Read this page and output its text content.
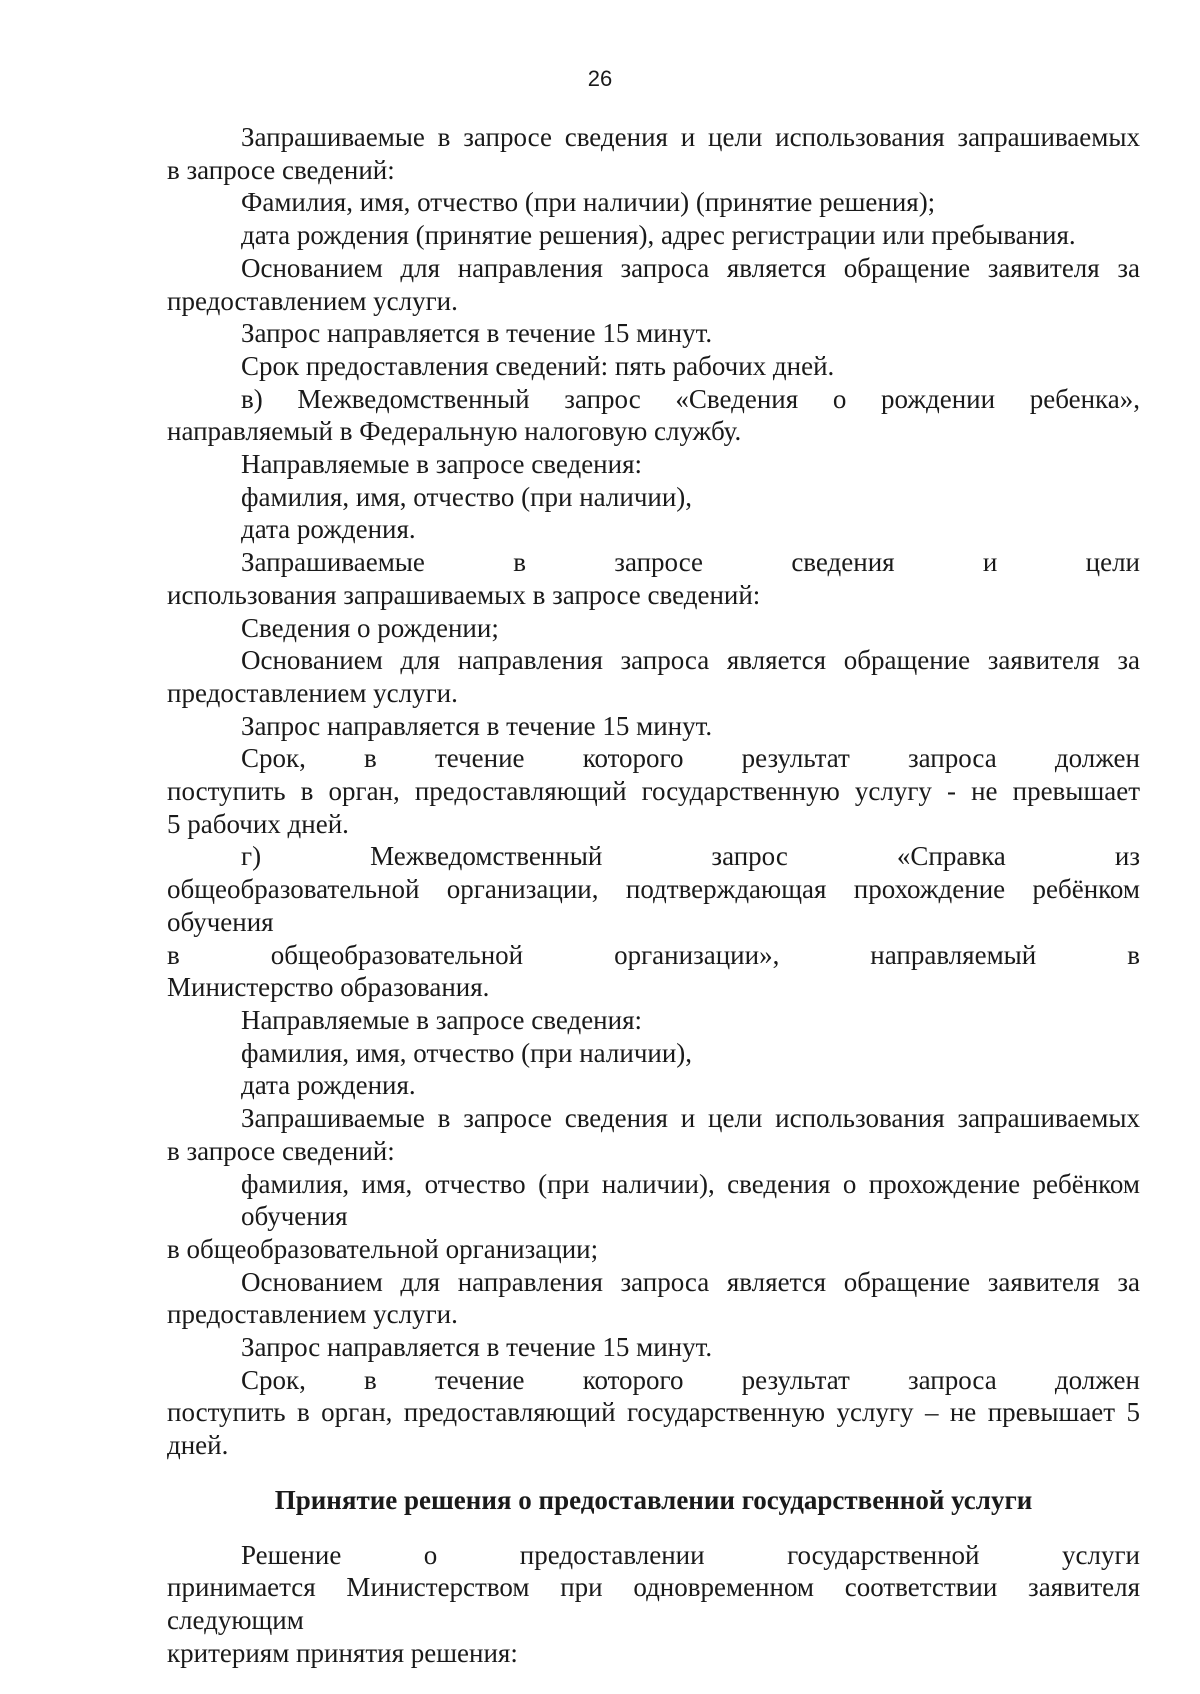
26
Запрашиваемые в запросе сведения и цели использования запрашиваемых
в запросе сведений:
Фамилия, имя, отчество (при наличии) (принятие решения);
дата рождения (принятие решения), адрес регистрации или пребывания.
Основанием для направления запроса является обращение заявителя за
предоставлением услуги.
Запрос направляется в течение 15 минут.
Срок предоставления сведений: пять рабочих дней.
в) Межведомственный запрос «Сведения о рождении ребенка»,
направляемый в Федеральную налоговую службу.
Направляемые в запросе сведения:
фамилия, имя, отчество (при наличии),
дата рождения.
Запрашиваемые в запросе сведения и цели
использования запрашиваемых в запросе сведений:
Сведения о рождении;
Основанием для направления запроса является обращение заявителя за
предоставлением услуги.
Запрос направляется в течение 15 минут.
Срок, в течение которого результат запроса должен
поступить в орган, предоставляющий государственную услугу - не превышает
5 рабочих дней.
г) Межведомственный запрос «Справка из
общеобразовательной организации, подтверждающая прохождение ребёнком обучения
в общеобразовательной организации», направляемый в
Министерство образования.
Направляемые в запросе сведения:
фамилия, имя, отчество (при наличии),
дата рождения.
Запрашиваемые в запросе сведения и цели использования запрашиваемых
в запросе сведений:
фамилия, имя, отчество (при наличии), сведения о прохождение ребёнком обучения
в общеобразовательной организации;
Основанием для направления запроса является обращение заявителя за
предоставлением услуги.
Запрос направляется в течение 15 минут.
Срок, в течение которого результат запроса должен
поступить в орган, предоставляющий государственную услугу – не превышает 5 дней.
Принятие решения о предоставлении государственной услуги
Решение о предоставлении государственной услуги
принимается Министерством при одновременном соответствии заявителя следующим
критериям принятия решения:
